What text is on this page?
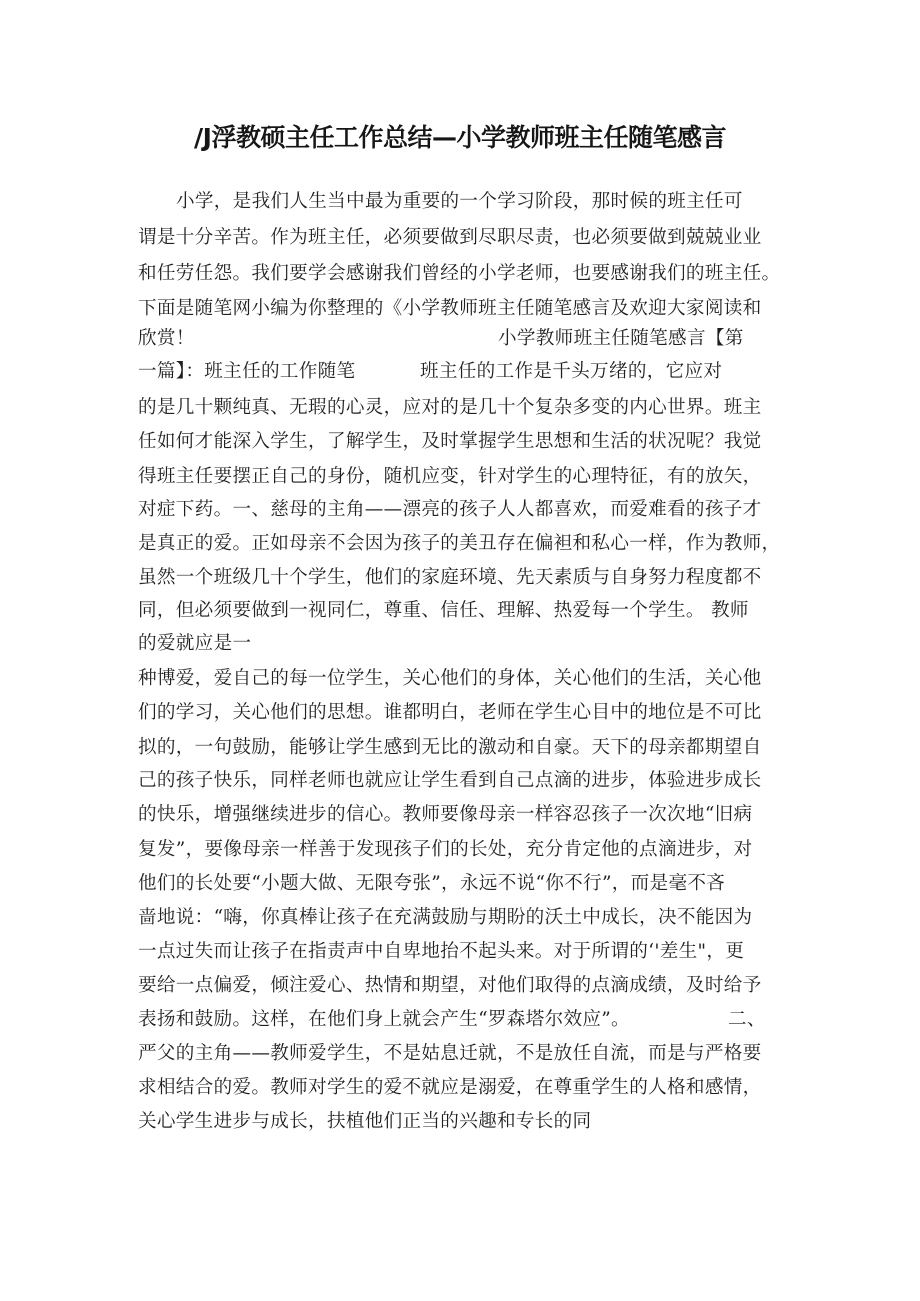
/J浮教硕主任工作总结—小学教师班主任随笔感言
小学，是我们人生当中最为重要的一个学习阶段，那时候的班主任可
谓是十分辛苦。作为班主任，必须要做到尽职尽责，也必须要做到兢兢业业
和任劳任怨。我们要学会感谢我们曾经的小学老师，也要感谢我们的班主任。
下面是随笔网小编为你整理的《小学教师班主任随笔感言及欢迎大家阅读和
欣赏！	小学教师班主任随笔感言【第
一篇】：班主任的工作随笔	班主任的工作是千头万绪的，它应对
的是几十颗纯真、无瑕的心灵，应对的是几十个复杂多变的内心世界。班主
任如何才能深入学生，了解学生，及时掌握学生思想和生活的状况呢？我觉
得班主任要摆正自己的身份，随机应变，针对学生的心理特征，有的放矢，
对症下药。一、慈母的主角——漂亮的孩子人人都喜欢，而爱难看的孩子才
是真正的爱。正如母亲不会因为孩子的美丑存在偏袒和私心一样，作为教师，
虽然一个班级几十个学生，他们的家庭环境、先天素质与自身努力程度都不
同，但必须要做到一视同仁，尊重、信任、理解、热爱每一个学生。 教师
的爱就应是一
种博爱，爱自己的每一位学生，关心他们的身体，关心他们的生活，关心他
们的学习，关心他们的思想。谁都明白，老师在学生心目中的地位是不可比
拟的，一句鼓励，能够让学生感到无比的激动和自豪。天下的母亲都期望自
己的孩子快乐，同样老师也就应让学生看到自己点滴的进步，体验进步成长
的快乐，增强继续进步的信心。教师要像母亲一样容忍孩子一次次地“旧病
复发”，要像母亲一样善于发现孩子们的长处，充分肯定他的点滴进步，对
他们的长处要“小题大做、无限夸张”，永远不说“你不行”，而是毫不吝
啬地说：“嗨，你真棒让孩子在充满鼓励与期盼的沃土中成长，决不能因为
一点过失而让孩子在指责声中自卑地抬不起头来。对于所谓的‘'差生"，更
要给一点偏爱，倾注爱心、热情和期望，对他们取得的点滴成绩，及时给予
表扬和鼓励。这样，在他们身上就会产生“罗森塔尔效应”。	二、
严父的主角——教师爱学生，不是姑息迁就，不是放任自流，而是与严格要
求相结合的爱。教师对学生的爱不就应是溺爱，在尊重学生的人格和感情，
关心学生进步与成长，扶植他们正当的兴趣和专长的同
